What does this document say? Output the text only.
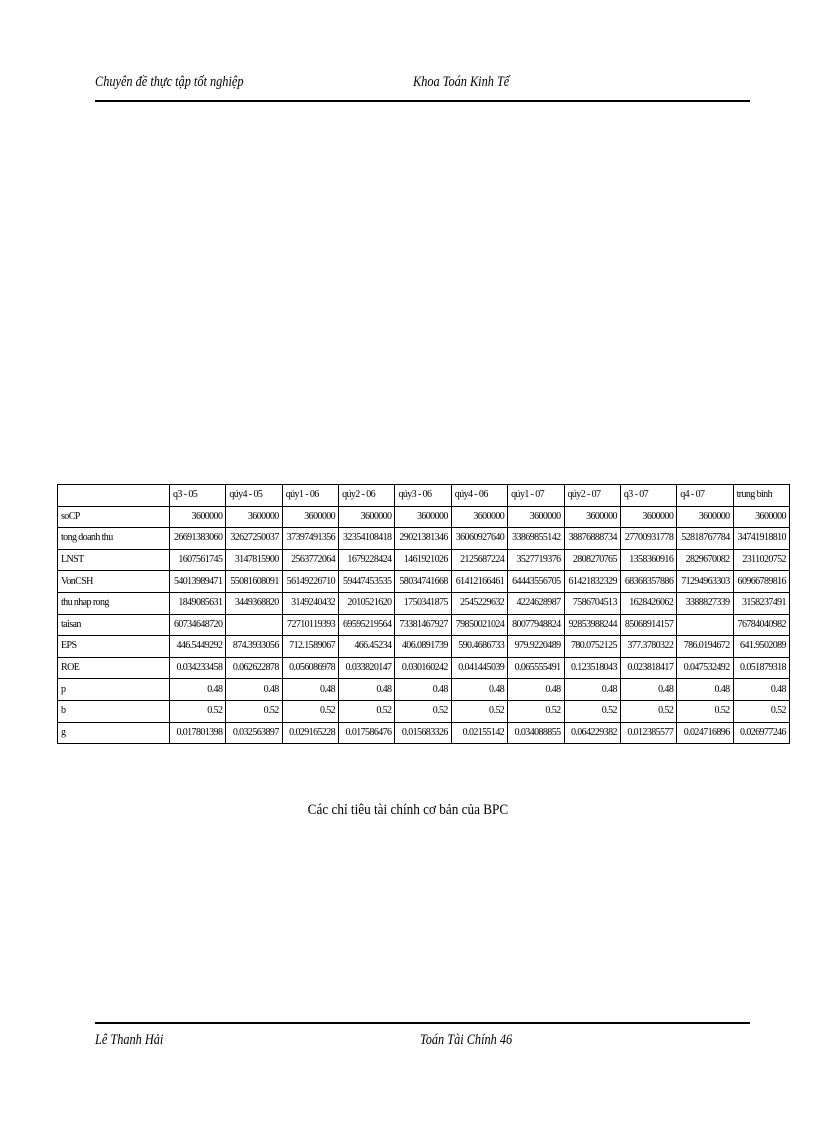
Chuyên đề thực tập tốt nghiệp	Khoa Toán Kinh Tế
	q3 - 05	qúy4 - 05	qúy1 - 06	qúy2 - 06	qúy3 - 06	qúy4 - 06	qúy1 - 07	qúy2 - 07	q3 - 07	q4 - 07	trung bình
soCP	3600000	3600000	3600000	3600000	3600000	3600000	3600000	3600000	3600000	3600000	3600000
tong doanh thu	26691383060	32627250037	37397491356	32354108418	29021381346	36060927640	33869855142	38876888734	27700931778	52818767784	34741918810
LNST	1607561745	3147815900	2563772064	1679228424	1461921026	2125687224	3527719376	2808270765	1358360916	2829670082	2311020752
VonCSH	54013989471	55081608091	56149226710	59447453535	58034741668	61412166461	64443556705	61421832329	68368357886	71294963303	60966789816
thu nhap rong	1849085631	3449368820	3149240432	2010521620	1750341875	2545229632	4224628987	7586704513	1628426062	3388827339	3158237491
taisan	60734648720		72710119393	69595219564	73381467927	79850021024	80077948824	92853988244	85068914157		76784040982
EPS	446.5449292	874.3933056	712.1589067	466.45234	406.0891739	590.4686733	979.9220489	780.0752125	377.3780322	786.0194672	641.9502089
ROE	0.034233458	0.062622878	0.056086978	0.033820147	0.030160242	0.041445039	0.065555491	0.123518043	0.023818417	0.047532492	0.051879318
p	0.48	0.48	0.48	0.48	0.48	0.48	0.48	0.48	0.48	0.48	0.48
b	0.52	0.52	0.52	0.52	0.52	0.52	0.52	0.52	0.52	0.52	0.52
g	0.017801398	0.032563897	0.029165228	0.017586476	0.015683326	0.02155142	0.034088855	0.064229382	0.012385577	0.024716896	0.026977246
Các chỉ tiêu tài chính cơ bản của BPC
Lê Thanh Hải	Toán Tài Chính 46
